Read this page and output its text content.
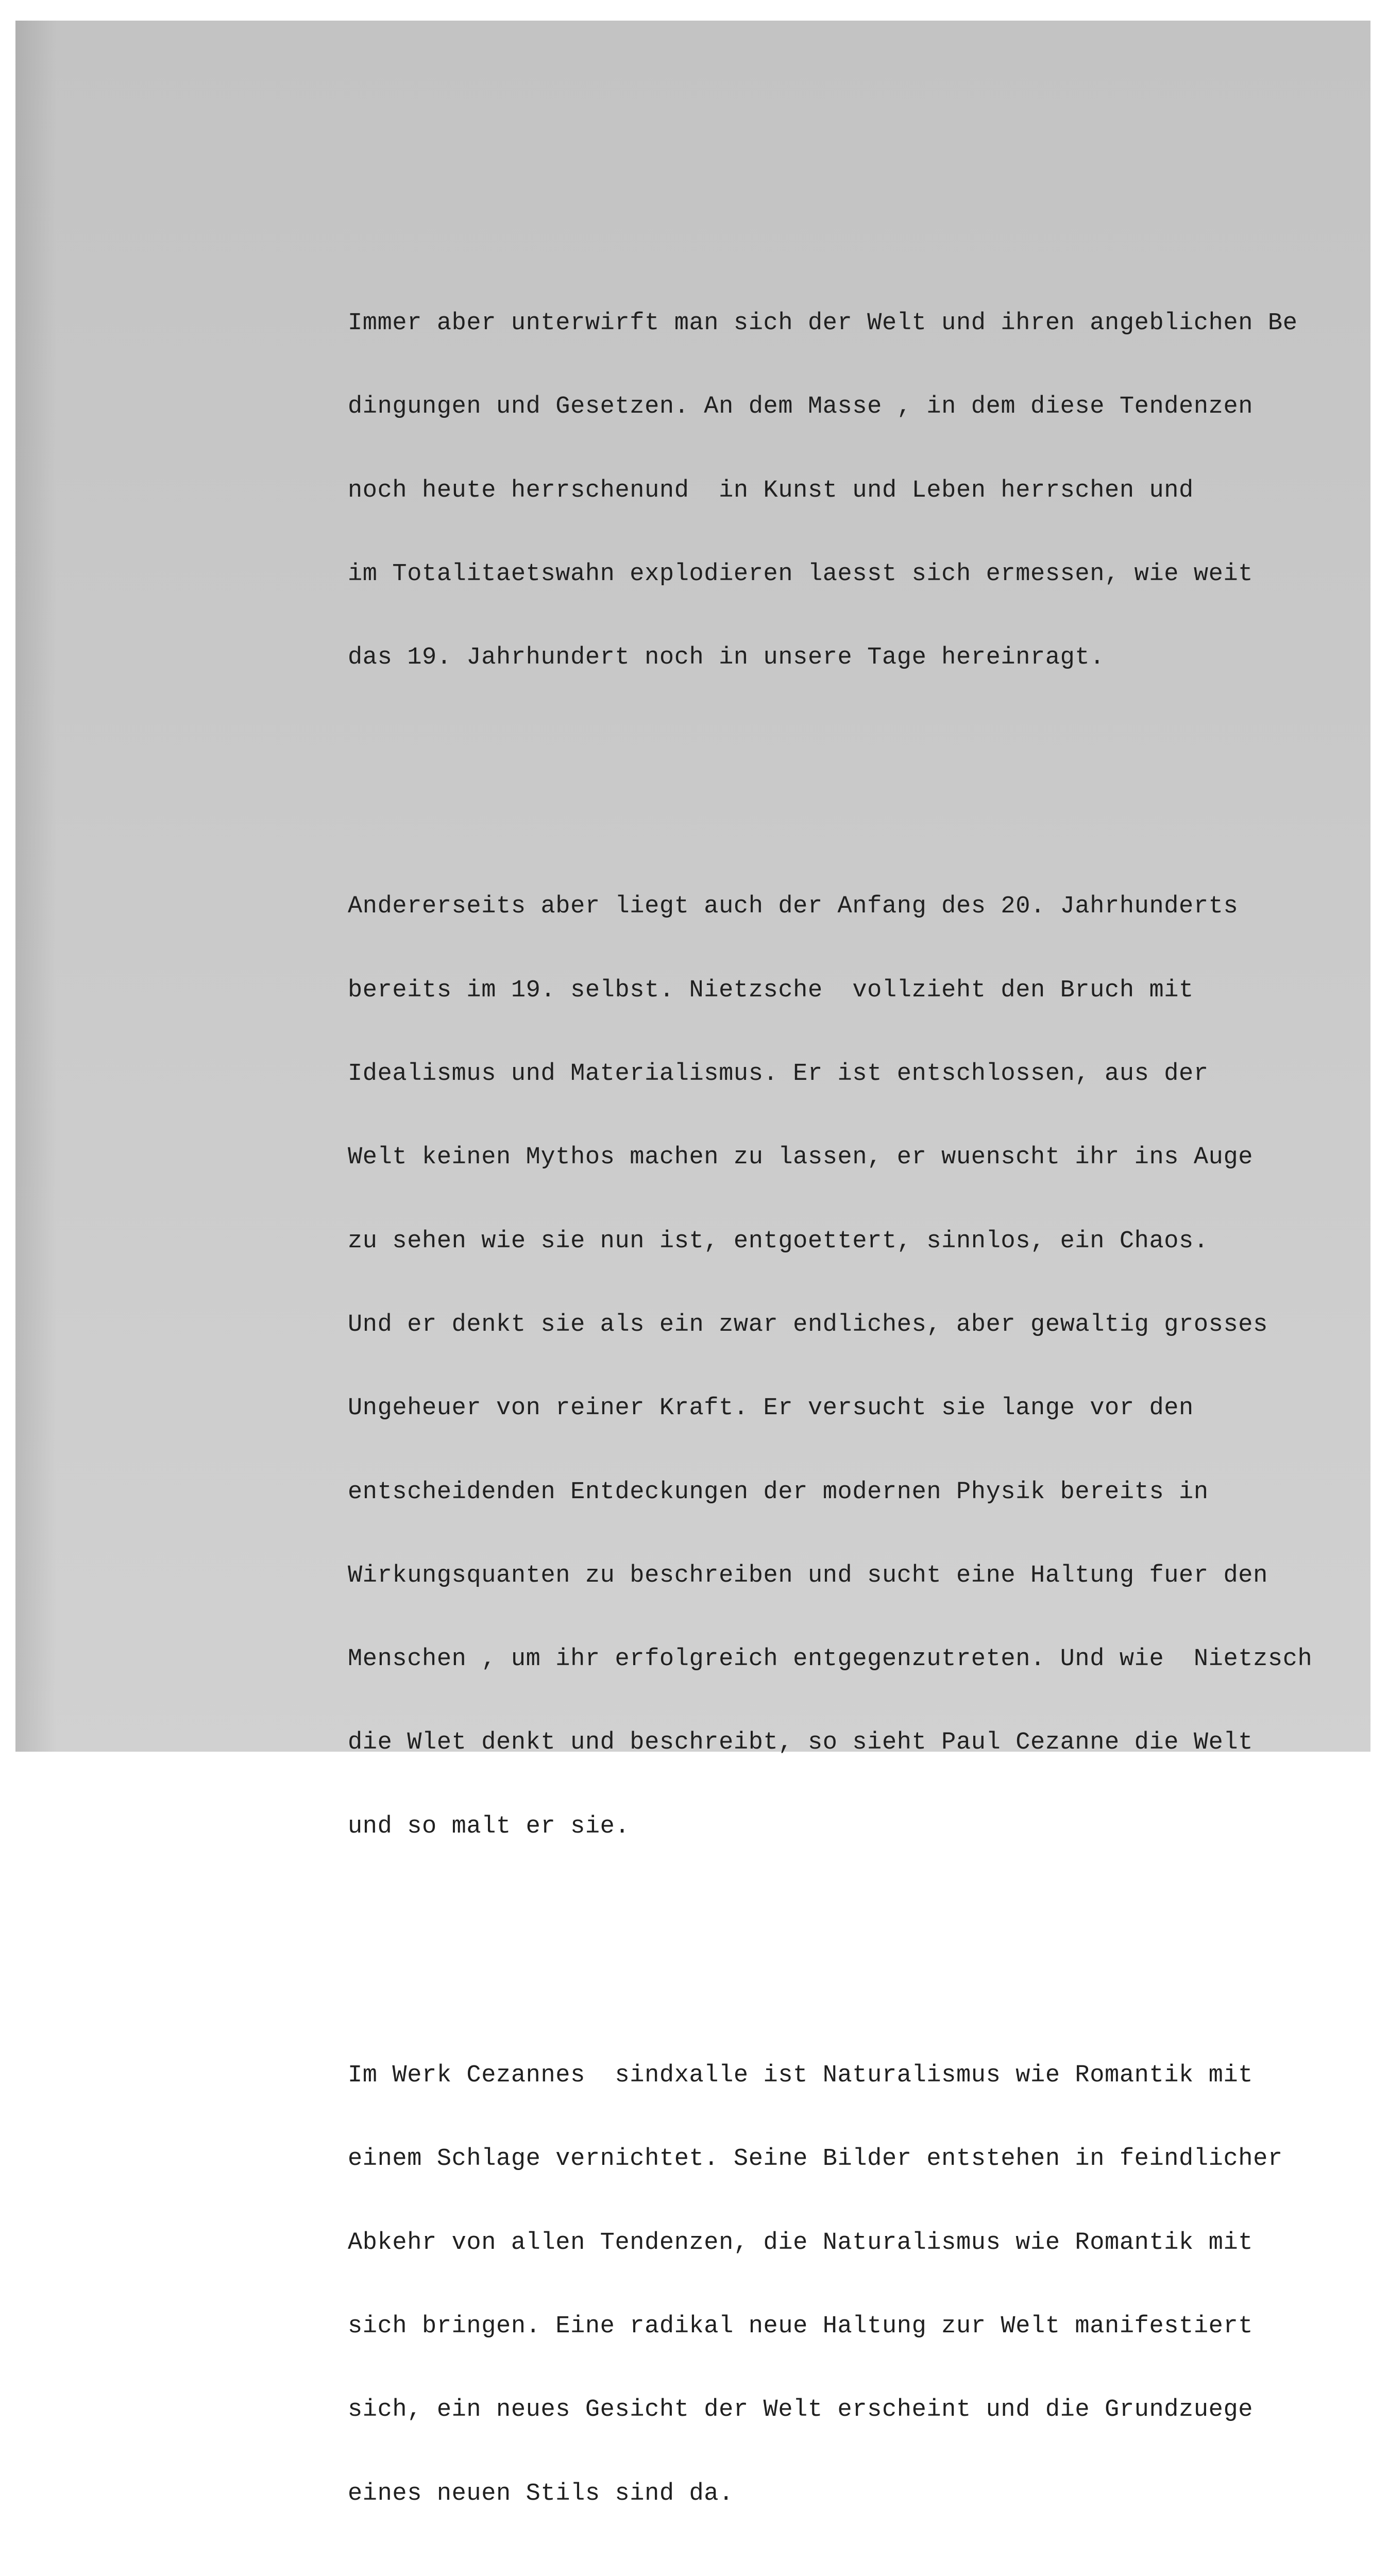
Immer aber unterwirft man sich der Welt und ihren angeblichen Be

dingungen und Gesetzen. An dem Masse , in dem diese Tendenzen

noch heute herrschenund  in Kunst und Leben herrschen und

im Totalitaetswahn explodieren laesst sich ermessen, wie weit

das 19. Jahrhundert noch in unsere Tage hereinragt.

Andererseits aber liegt auch der Anfang des 20. Jahrhunderts

bereits im 19. selbst. Nietzsche  vollzieht den Bruch mit

Idealismus und Materialismus. Er ist entschlossen, aus der

Welt keinen Mythos machen zu lassen, er wuenscht ihr ins Auge

zu sehen wie sie nun ist, entgoettert, sinnlos, ein Chaos.

Und er denkt sie als ein zwar endliches, aber gewaltig grosses

Ungeheuer von reiner Kraft. Er versucht sie lange vor den

entscheidenden Entdeckungen der modernen Physik bereits in

Wirkungsquanten zu beschreiben und sucht eine Haltung fuer den

Menschen , um ihr erfolgreich entgegenzutreten. Und wie  Nietzsch

die Wlet denkt und beschreibt, so sieht Paul Cezanne die Welt

und so malt er sie.

Im Werk Cezannes  sindxalle ist Naturalismus wie Romantik mit

einem Schlage vernichtet. Seine Bilder entstehen in feindlicher

Abkehr von allen Tendenzen, die Naturalismus wie Romantik mit

sich bringen. Eine radikal neue Haltung zur Welt manifestiert

sich, ein neues Gesicht der Welt erscheint und die Grundzuege

eines neuen Stils sind da.
